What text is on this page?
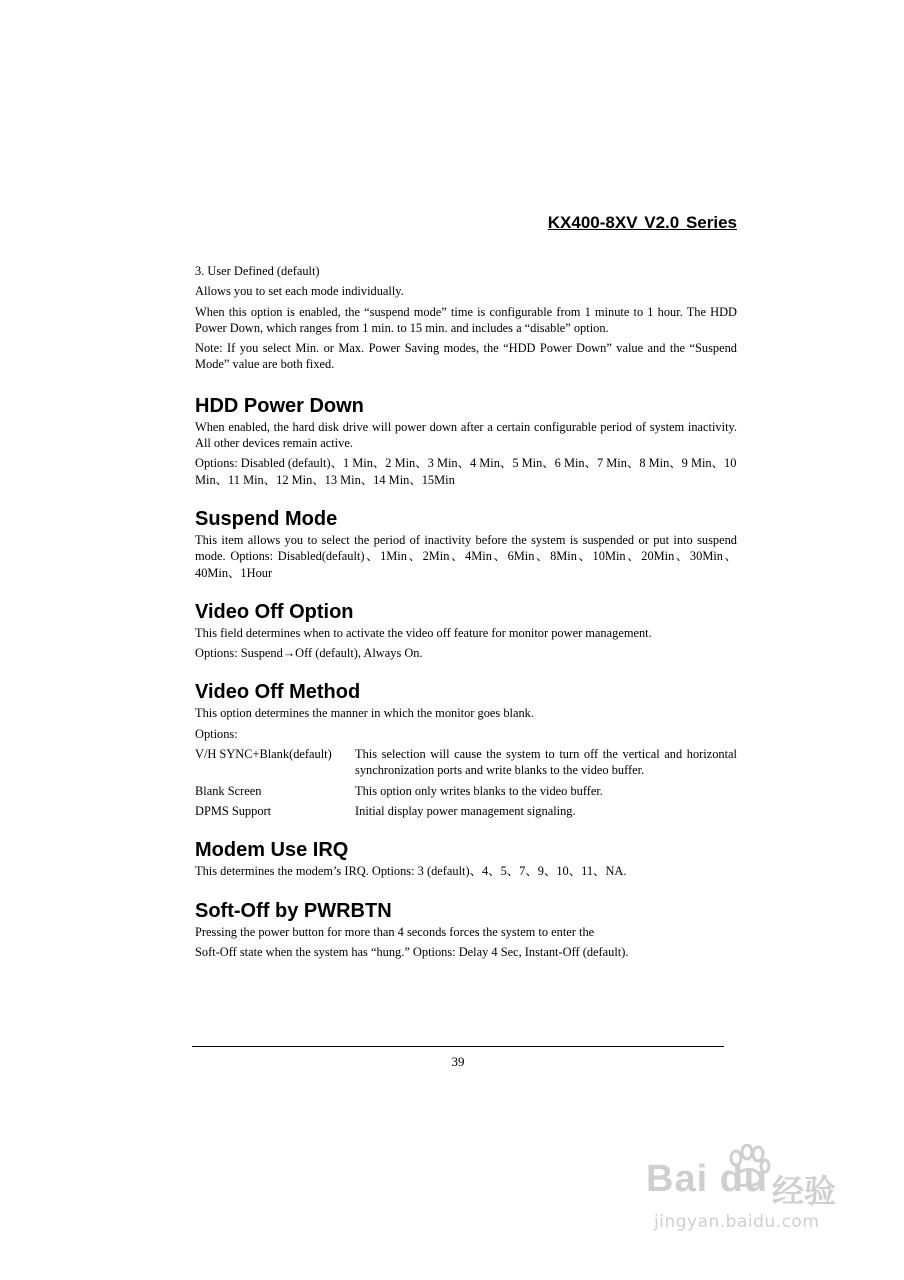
KX400-8XV V2.0 Series

3. User Defined (default)

Allows you to set each mode individually.

When this option is enabled, the “suspend mode” time is configurable from 1 minute to 1 hour. The HDD Power Down, which ranges from 1 min. to 15 min. and includes a “disable” option.

Note: If you select Min. or Max. Power Saving modes, the “HDD Power Down” value and the “Suspend Mode” value are both fixed.

HDD Power Down

When enabled, the hard disk drive will power down after a certain configurable period of system inactivity. All other devices remain active.

Options: Disabled (default)、1 Min、2 Min、3 Min、4 Min、5 Min、6 Min、7 Min、8 Min、9 Min、10 Min、11 Min、12 Min、13 Min、14 Min、15Min

Suspend Mode

This item allows you to select the period of inactivity before the system is suspended or put into suspend mode. Options: Disabled(default)、1Min、2Min、4Min、6Min、8Min、10Min、20Min、30Min、40Min、1Hour

Video Off Option

This field determines when to activate the video off feature for monitor power management.

Options: Suspend→Off (default), Always On.

Video Off Method

This option determines the manner in which the monitor goes blank.

Options:

V/H SYNC+Blank(default)	This selection will cause the system to turn off the vertical and horizontal synchronization ports and write blanks to the video buffer.
Blank Screen	This option only writes blanks to the video buffer.
DPMS Support	Initial display power management signaling.
Modem Use IRQ

This determines the modem’s IRQ. Options: 3 (default)、4、5、7、9、10、11、NA.

Soft-Off by PWRBTN

Pressing the power button for more than 4 seconds forces the system to enter the

Soft-Off state when the system has “hung.” Options: Delay 4 Sec, Instant-Off (default).

39
Bai du 经验
jingyan.baidu.com
